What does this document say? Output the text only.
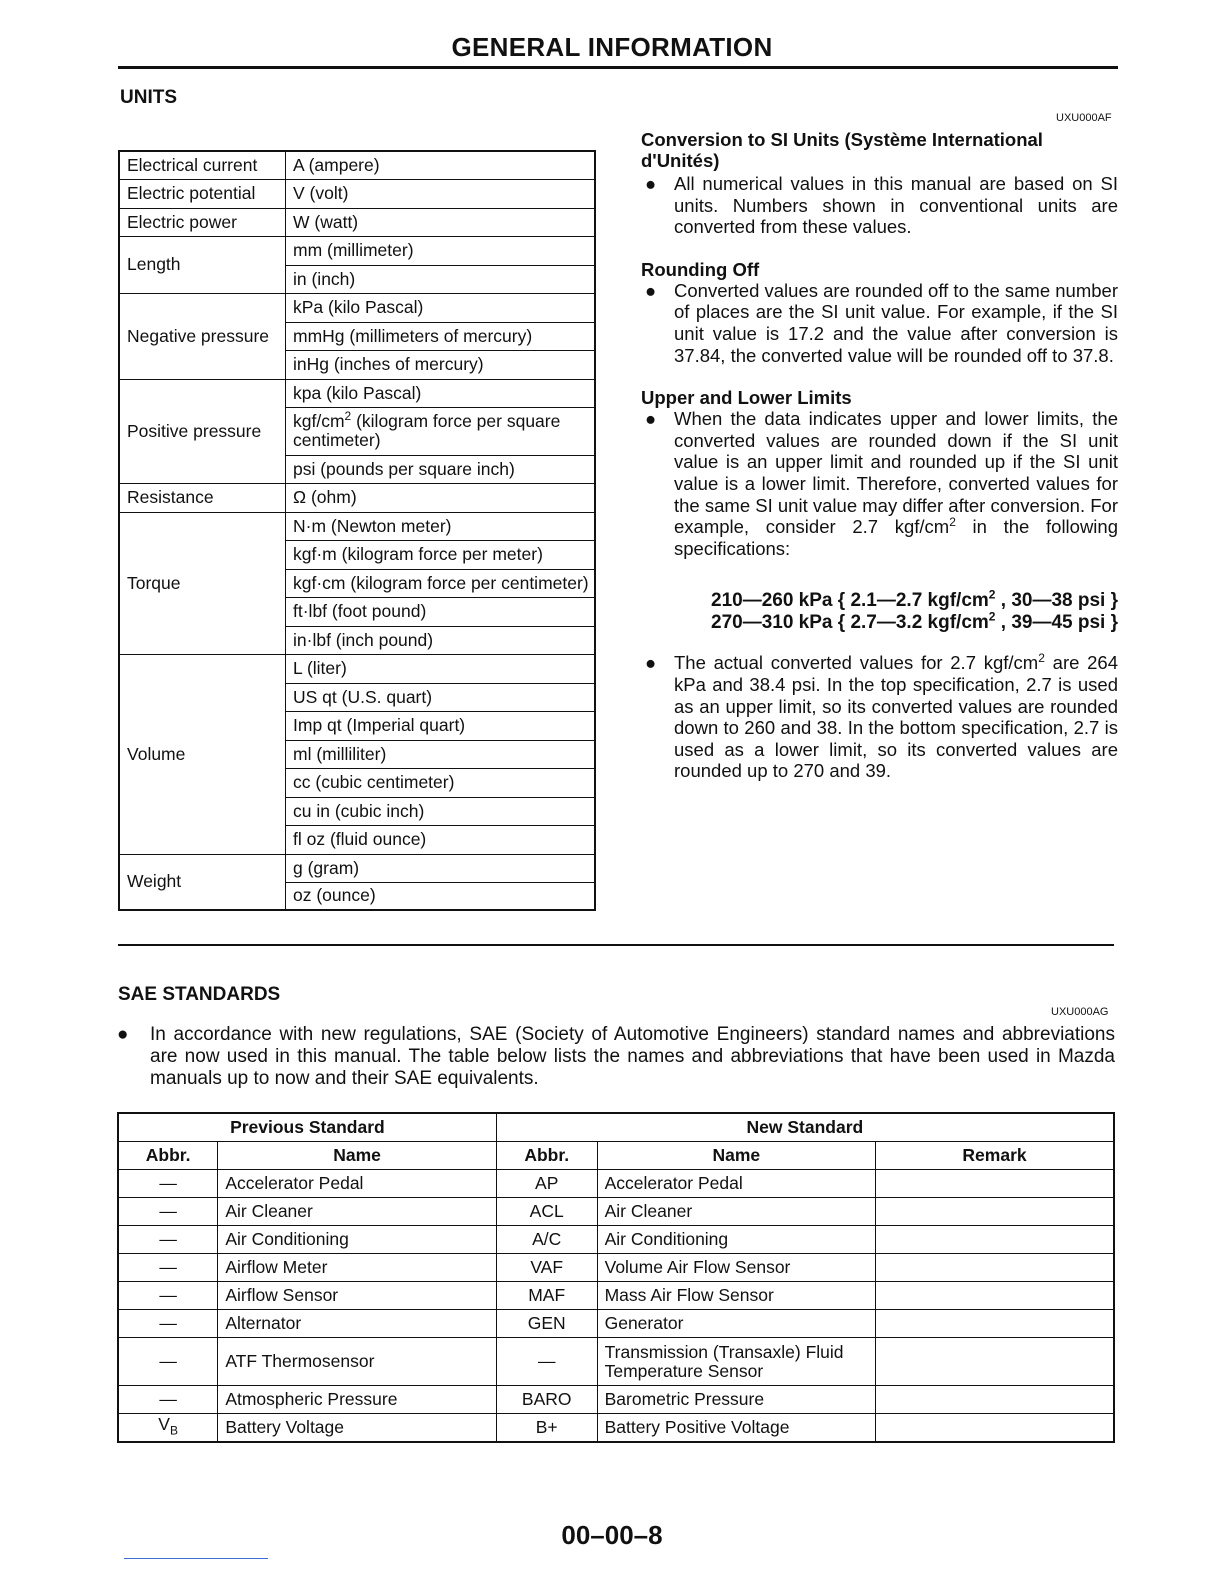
GENERAL INFORMATION
UNITS
Electrical current	A (ampere)
Electric potential	V (volt)
Electric power	W (watt)
Length	mm (millimeter)
	in (inch)
Negative pressure	kPa (kilo Pascal)
	mmHg (millimeters of mercury)
	inHg (inches of mercury)
Positive pressure	kpa (kilo Pascal)
	kgf/$cm^2$ (kilogram force per square centimeter)
	psi (pounds per square inch)
Resistance	Ω (ohm)
Torque	N·m (Newton meter)
	kgf·m (kilogram force per meter)
	kgf·cm (kilogram force per centimeter)
	ft·lbf (foot pound)
	in·lbf (inch pound)
Volume	L (liter)
	US qt (U.S. quart)
	Imp qt (Imperial quart)
	ml (milliliter)
	cc (cubic centimeter)
	cu in (cubic inch)
	fl oz (fluid ounce)
Weight	g (gram)
	oz (ounce)
UXU000AF
Conversion to SI Units (Système International d'Unités)
● All numerical values in this manual are based on SI units. Numbers shown in conventional units are converted from these values.
Rounding Off
● Converted values are rounded off to the same number of places are the SI unit value. For example, if the SI unit value is 17.2 and the value after conversion is 37.84, the converted value will be rounded off to 37.8.
Upper and Lower Limits
● When the data indicates upper and lower limits, the converted values are rounded down if the SI unit value is an upper limit and rounded up if the SI unit value is a lower limit. Therefore, converted values for the same SI unit value may differ after conversion. For example, consider 2.7 kgf/$cm^2$ in the following specifications:
210—260 kPa { 2.1—2.7 kgf/$cm^2$ , 30—38 psi }
270—310 kPa { 2.7—3.2 kgf/$cm^2$ , 39—45 psi }
● The actual converted values for 2.7 kgf/$cm^2$ are 264 kPa and 38.4 psi. In the top specification, 2.7 is used as an upper limit, so its converted values are rounded down to 260 and 38. In the bottom specification, 2.7 is used as a lower limit, so its converted values are rounded up to 270 and 39.
SAE STANDARDS
UXU000AG
● In accordance with new regulations, SAE (Society of Automotive Engineers) standard names and abbreviations are now used in this manual. The table below lists the names and abbreviations that have been used in Mazda manuals up to now and their SAE equivalents.
Previous Standard		New Standard		
Abbr.	Name	Abbr.	Name	Remark
—	Accelerator Pedal	AP	Accelerator Pedal	
—	Air Cleaner	ACL	Air Cleaner	
—	Air Conditioning	A/C	Air Conditioning	
—	Airflow Meter	VAF	Volume Air Flow Sensor	
—	Airflow Sensor	MAF	Mass Air Flow Sensor	
—	Alternator	GEN	Generator	
—	ATF Thermosensor	—	Transmission (Transaxle) Fluid Temperature Sensor	
—	Atmospheric Pressure	BARO	Barometric Pressure	
$V_B$	Battery Voltage	B+	Battery Positive Voltage	
00–00–8
